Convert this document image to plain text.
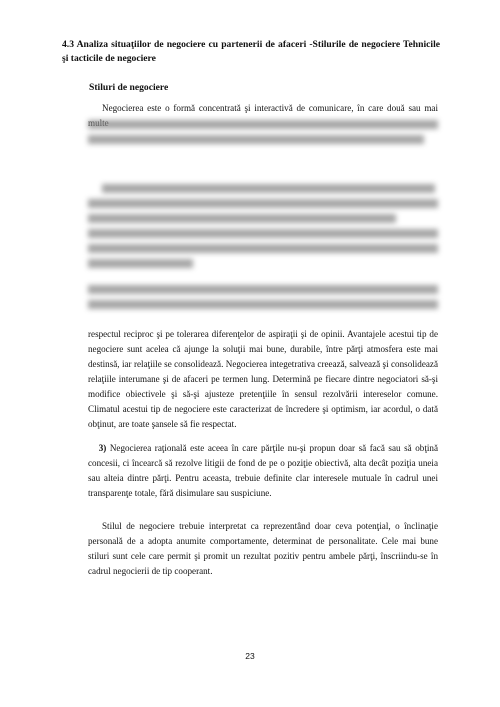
4.3 Analiza situaţiilor de negociere cu partenerii de afaceri -Stilurile de negociere Tehnicile şi tacticile de negociere
Stiluri de negociere
Negocierea este o formă concentrată şi interactivă de comunicare, în care două sau mai
respectul reciproc şi pe tolerarea diferenţelor de aspiraţii şi de opinii. Avantajele acestui tip de negociere sunt acelea că ajunge la soluţii mai bune, durabile, între părţi atmosfera este mai destinsă, iar relaţiile se consolidează. Negocierea integetrativa creează, salvează şi consolidează relaţiile interumane şi de afaceri pe termen lung. Determină pe fiecare dintre negociatori să-şi modifice obiectivele şi să-şi ajusteze pretenţiile în sensul rezolvării intereselor comune. Climatul acestui tip de negociere este caracterizat de încredere şi optimism, iar acordul, o dată obţinut, are toate şansele să fie respectat.
3) Negocierea raţională este aceea în care părţile nu-şi propun doar să facă sau să obţină concesii, ci încearcă să rezolve litigii de fond de pe o poziţie obiectivă, alta decât poziţia uneia sau alteia dintre părţi. Pentru aceasta, trebuie definite clar interesele mutuale în cadrul unei transparenţe totale, fără disimulare sau suspiciune.
Stilul de negociere trebuie interpretat ca reprezentând doar ceva potenţial, o înclinaţie personală de a adopta anumite comportamente, determinat de personalitate. Cele mai bune stiluri sunt cele care permit şi promit un rezultat pozitiv pentru ambele părţi, înscriindu-se în cadrul negocierii de tip cooperant.
23
